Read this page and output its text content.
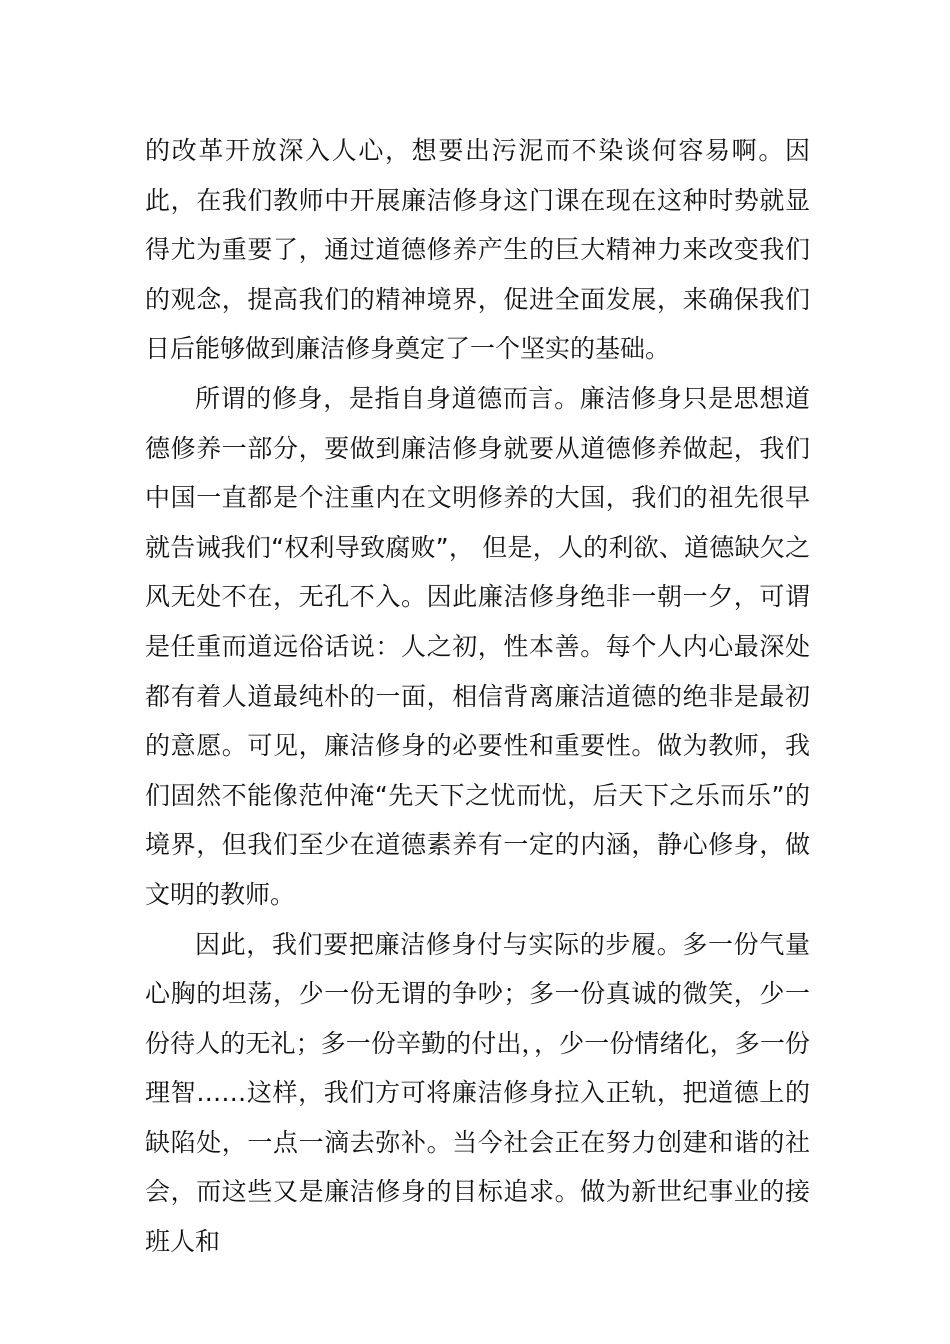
的改革开放深入人心，想要出污泥而不染谈何容易啊。因此，在我们教师中开展廉洁修身这门课在现在这种时势就显得尤为重要了，通过道德修养产生的巨大精神力来改变我们的观念，提高我们的精神境界，促进全面发展，来确保我们日后能够做到廉洁修身奠定了一个坚实的基础。

所谓的修身，是指自身道德而言。廉洁修身只是思想道德修养一部分，要做到廉洁修身就要从道德修养做起，我们中国一直都是个注重内在文明修养的大国，我们的祖先很早就告诫我们“权利导致腐败”， 但是，人的利欲、道德缺欠之风无处不在，无孔不入。因此廉洁修身绝非一朝一夕，可谓是任重而道远俗话说：人之初，性本善。每个人内心最深处都有着人道最纯朴的一面，相信背离廉洁道德的绝非是最初的意愿。可见，廉洁修身的必要性和重要性。做为教师，我们固然不能像范仲淹“先天下之忧而忧，后天下之乐而乐”的境界，但我们至少在道德素养有一定的内涵，静心修身，做文明的教师。

因此，我们要把廉洁修身付与实际的步履。多一份气量心胸的坦荡，少一份无谓的争吵；多一份真诚的微笑，少一份待人的无礼；多一份辛勤的付出，，少一份情绪化，多一份理智……这样，我们方可将廉洁修身拉入正轨，把道德上的缺陷处，一点一滴去弥补。当今社会正在努力创建和谐的社会，而这些又是廉洁修身的目标追求。做为新世纪事业的接班人和
